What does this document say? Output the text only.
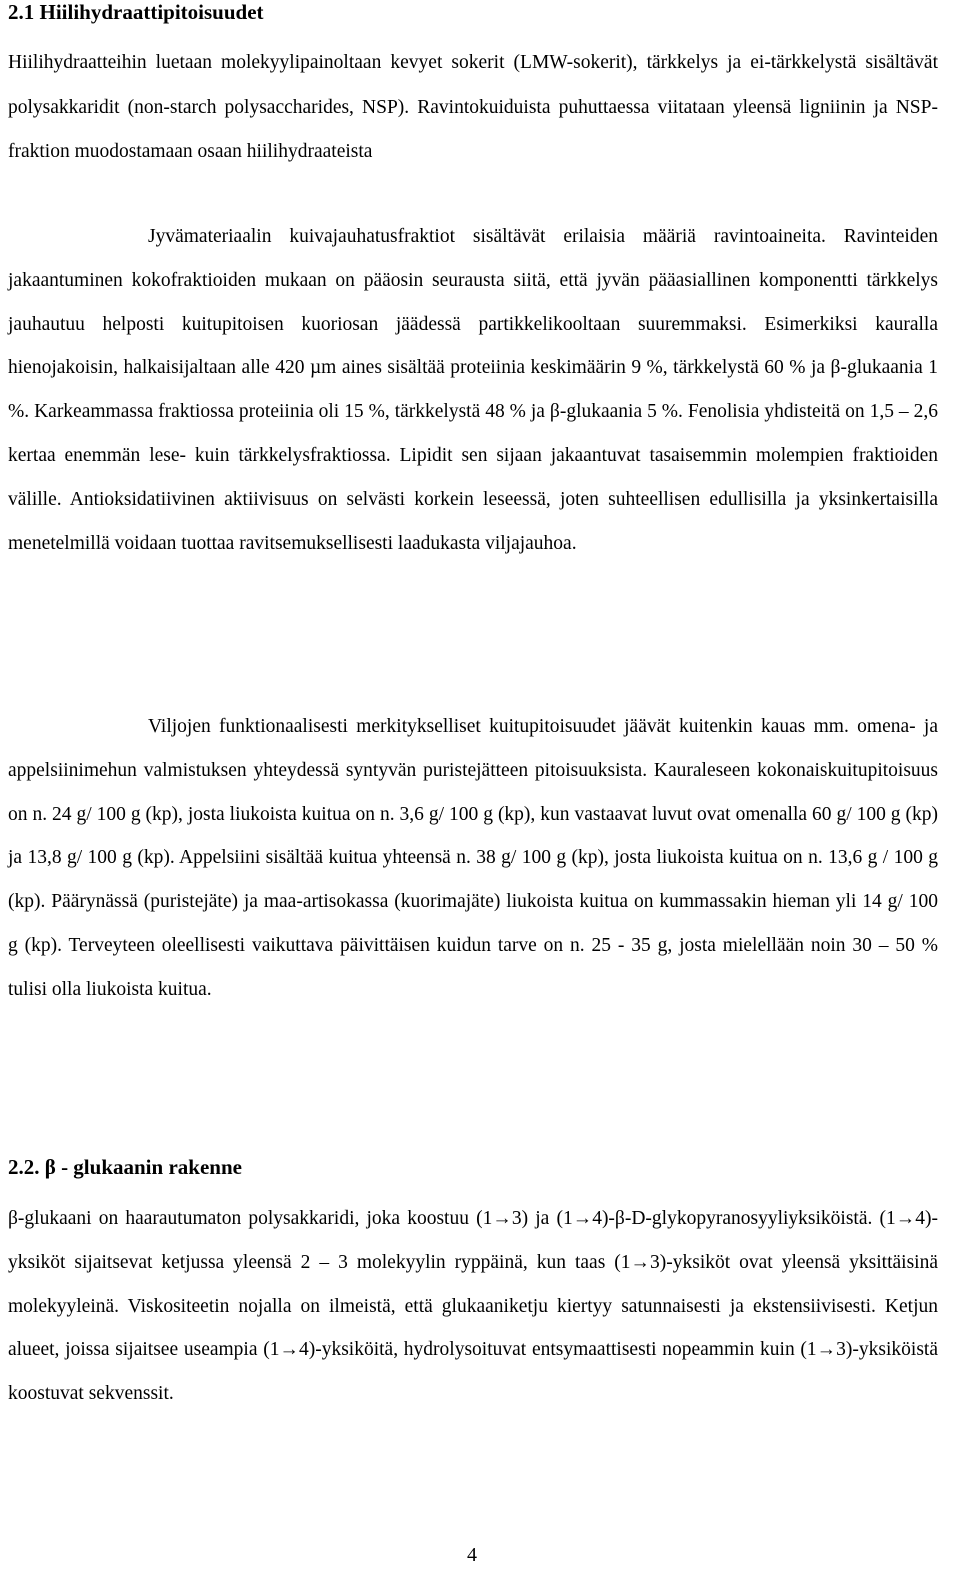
2.1 Hiilihydraattipitoisuudet

Hiilihydraatteihin luetaan molekyylipainoltaan kevyet sokerit (LMW-sokerit), tärkkelys ja ei-tärkkelystä sisältävät polysakkaridit (non-starch polysaccharides, NSP). Ravintokuiduista puhuttaessa viitataan yleensä ligniinin ja NSP-fraktion muodostamaan osaan hiilihydraateista

Jyvämateriaalin kuivajauhatusfraktiot sisältävät erilaisia määriä ravintoaineita. Ravinteiden jakaantuminen kokofraktioiden mukaan on pääosin seurausta siitä, että jyvän pääasiallinen komponentti tärkkelys jauhautuu helposti kuitupitoisen kuoriosan jäädessä partikkelikooltaan suuremmaksi. Esimerkiksi kauralla hienojakoisin, halkaisijaltaan alle 420 µm aines sisältää proteiinia keskimäärin 9 %, tärkkelystä 60 % ja β-glukaania 1 %. Karkeammassa fraktiossa proteiinia oli 15 %, tärkkelystä 48 % ja β-glukaania 5 %. Fenolisia yhdisteitä on 1,5 – 2,6 kertaa enemmän lese- kuin tärkkelysfraktiossa. Lipidit sen sijaan jakaantuvat tasaisemmin molempien fraktioiden välille. Antioksidatiivinen aktiivisuus on selvästi korkein leseessä, joten suhteellisen edullisilla ja yksinkertaisilla menetelmillä voidaan tuottaa ravitsemuksellisesti laadukasta viljajauhoa.

Viljojen funktionaalisesti merkitykselliset kuitupitoisuudet jäävät kuitenkin kauas mm. omena- ja appelsiinimehun valmistuksen yhteydessä syntyvän puristejätteen pitoisuuksista. Kauraleseen kokonaiskuitupitoisuus on n. 24 g/ 100 g (kp), josta liukoista kuitua on n. 3,6 g/ 100 g (kp), kun vastaavat luvut ovat omenalla 60 g/ 100 g (kp) ja 13,8 g/ 100 g (kp). Appelsiini sisältää kuitua yhteensä n. 38 g/ 100 g (kp), josta liukoista kuitua on n. 13,6 g / 100 g (kp). Päärynässä (puristejäte) ja maa-artisokassa (kuorimajäte) liukoista kuitua on kummassakin hieman yli 14 g/ 100 g (kp). Terveyteen oleellisesti vaikuttava päivittäisen kuidun tarve on n. 25 - 35 g, josta mielellään noin 30 – 50 % tulisi olla liukoista kuitua.

2.2. β - glukaanin rakenne

β-glukaani on haarautumaton polysakkaridi, joka koostuu (1→3) ja (1→4)-β-D-glykopyranosyyliyksiköistä. (1→4)-yksiköt sijaitsevat ketjussa yleensä 2 – 3 molekyylin ryppäinä, kun taas (1→3)-yksiköt ovat yleensä yksittäisinä molekyyleinä. Viskositeetin nojalla on ilmeistä, että glukaaniketju kiertyy satunnaisesti ja ekstensiivisesti. Ketjun alueet, joissa sijaitsee useampia (1→4)-yksiköitä, hydrolysoituvat entsymaattisesti nopeammin kuin (1→3)-yksiköistä koostuvat sekvenssit.

4
